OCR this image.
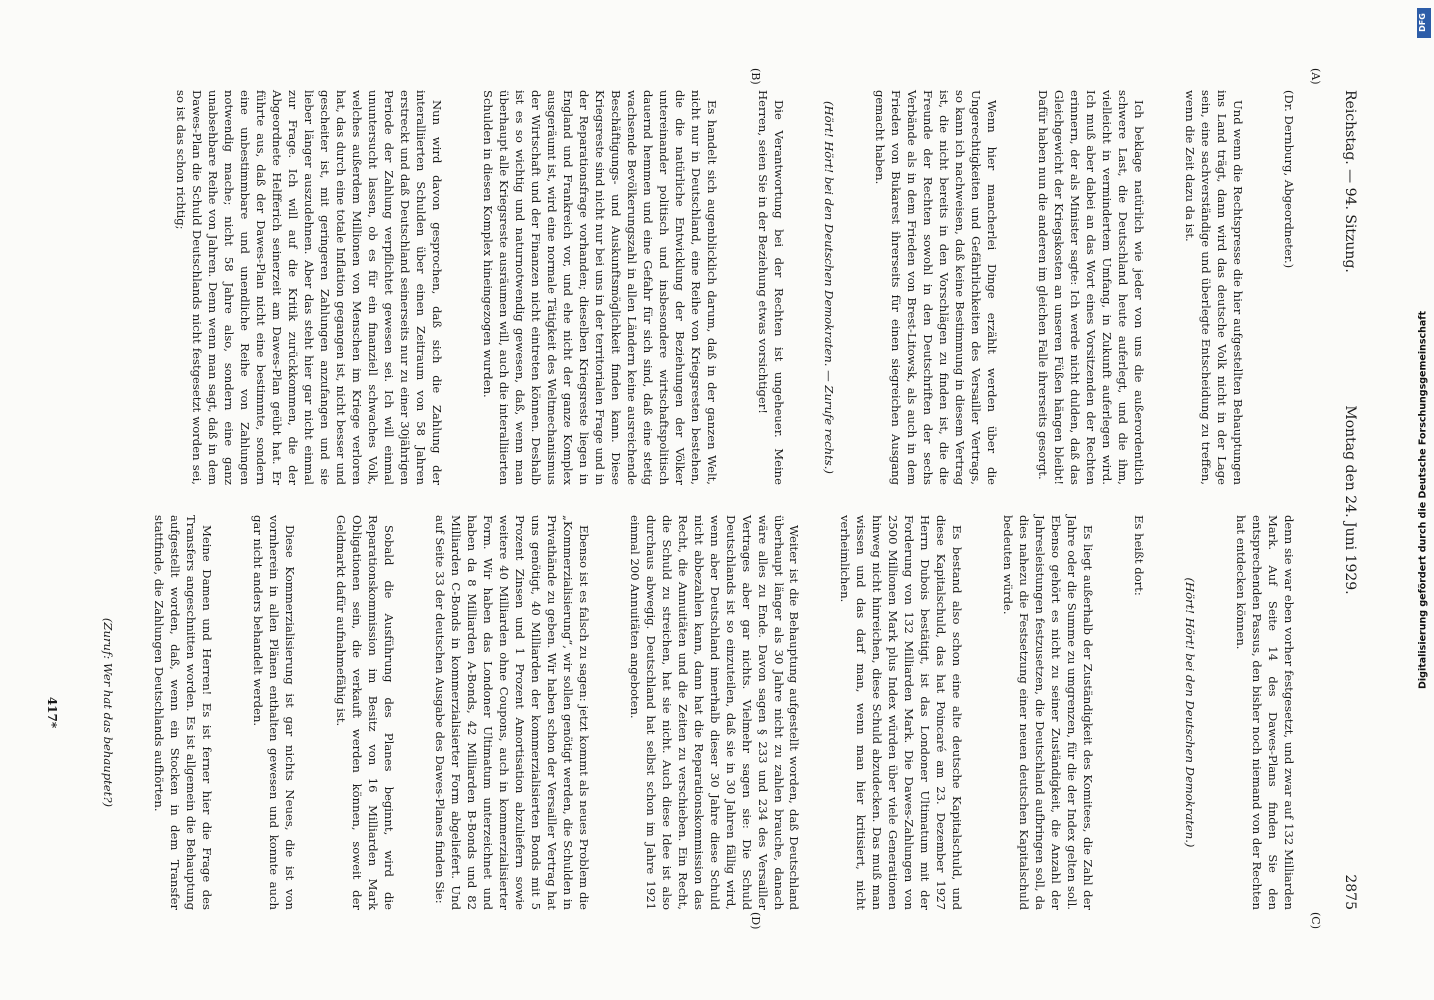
Reichstag. — 94. Sitzung.
Montag den 24. Juni 1929.
2875
(A)
(B)
(C)
(D)

(Dr. Dernburg, Abgeordneter.)

Und wenn die Rechtspresse die hier aufgestellten Behauptungen ins Land trägt, dann wird das deutsche Volk nicht in der Lage sein, eine sachverständige und überlegte Entscheidung zu treffen, wenn die Zeit dazu da ist.

Ich beklage natürlich wie jeder von uns die außerordentlich schwere Last, die Deutschland heute auferlegt, und die ihm, vielleicht in vermindertem Umfang, in Zukunft auferlegen wird. Ich muß aber dabei an das Wort eines Vorsitzenden der Rechten erinnern, der als Minister sagte: Ich werde nicht dulden, daß das Gleichgewicht der Kriegskosten an unseren Füßen hängen bleibt! Dafür haben nun die anderen im gleichen Falle ihrerseits gesorgt.

Wenn hier mancherlei Dinge erzählt werden über die Ungerechtigkeiten und Gefährlichkeiten des Versailler Vertrags, so kann ich nachweisen, daß keine Bestimmung in diesem Vertrag ist, die nicht bereits in den Vorschlägen zu finden ist, die die Freunde der Rechten sowohl in den Deutschriften der sechs Verbände als in dem Frieden von Brest-Litowsk, als auch in dem Frieden von Bukarest ihrerseits für einen siegreichen Ausgang gemacht haben.

(Hört! Hört! bei den Deutschen Demokraten. — Zurufe rechts.)

Die Verantwortung bei der Rechten ist ungeheuer. Meine Herren, seien Sie in der Beziehung etwas vorsichtiger!

Es handelt sich augenblicklich darum, daß in der ganzen Welt, nicht nur in Deutschland, eine Reihe von Kriegsresten bestehen, die die natürliche Entwicklung der Beziehungen der Völker untereinander politisch und insbesondere wirtschaftspolitisch dauernd hemmen und eine Gefahr für sich sind, daß eine stetig wachsende Bevölkerungszahl in allen Ländern keine ausreichende Beschäftigungs- und Auskunftsmöglichkeit finden kann. Diese Kriegsreste sind nicht nur bei uns in der territorialen Frage und in der Reparationsfrage vorhanden; dieselben Kriegsreste liegen in England und Frankreich vor, und ehe nicht der ganze Komplex ausgeräumt ist, wird eine normale Tätigkeit des Weltmechanismus der Wirtschaft und der Finanzen nicht eintreten können. Deshalb ist es so wichtig und naturnotwendig gewesen, daß, wenn man überhaupt alle Kriegsreste ausräumen will, auch die interalliierten Schulden in diesen Komplex hineingezogen wurden.

Nun wird davon gesprochen, daß sich die Zahlung der interalliierten Schulden über einen Zeitraum von 58 Jahren erstreckt und daß Deutschland seinerseits nur zu einer 30jährigen Periode der Zahlung verpflichtet gewesen sei. Ich will einmal ununtersucht lassen, ob es für ein finanziell schwaches Volk, welches außerdem Millionen von Menschen im Kriege verloren hat, das durch eine totale Inflation gegangen ist, nicht besser und gescheiter ist, mit geringeren Zahlungen anzufangen und sie lieber länger auszudehnen. Aber das steht hier gar nicht einmal zur Frage. Ich will auf die Kritik zurückkommen, die der Abgeordnete Helfferich seinerzeit am Dawes-Plan geübt hat. Er führte aus, daß der Dawes-Plan nicht eine bestimmte, sondern eine unbestimmbare und unendliche Reihe von Zahlungen notwendig mache; nicht 58 Jahre also, sondern eine ganz unabsehbare Reihe von Jahren. Denn wenn man sagt, daß in dem Dawes-Plan die Schuld Deutschlands nicht festgesetzt worden sei, so ist das schon richtig;

denn sie war eben vorher festgesetzt, und zwar auf 132 Milliarden Mark. Auf Seite 14 des Dawes-Plans finden Sie den entsprechenden Passus, den bisher noch niemand von der Rechten hat entdecken können.

(Hört! Hört! bei den Deutschen Demokraten.)

Es heißt dort:

Es liegt außerhalb der Zuständigkeit des Komitees, die Zahl der Jahre oder die Summe zu umgrenzen, für die der Index gelten soll. Ebenso gehört es nicht zu seiner Zuständigkeit, die Anzahl der Jahresleistungen festzusetzen, die Deutschland aufbringen soll, da dies nahezu die Festsetzung einer neuen deutschen Kapitalschuld bedeuten würde.

Es bestand also schon eine alte deutsche Kapitalschuld, und diese Kapitalschuld, das hat Poincaré am 23. Dezember 1927 Herrn Dubois bestätigt, ist das Londoner Ultimatum mit der Forderung von 132 Milliarden Mark. Die Dawes-Zahlungen von 2500 Millionen Mark plus Index würden über viele Generationen hinweg nicht hinreichen, diese Schuld abzudecken. Das muß man wissen und das darf man, wenn man hier kritisiert, nicht verheimlichen.

Weiter ist die Behauptung aufgestellt worden, daß Deutschland überhaupt länger als 30 Jahre nicht zu zahlen brauche, danach wäre alles zu Ende. Davon sagen § 233 und 234 des Versailler Vertrages aber gar nichts. Vielmehr sagen sie: Die Schuld Deutschlands ist so einzuteilen, daß sie in 30 Jahren fällig wird, wenn aber Deutschland innerhalb dieser 30 Jahre diese Schuld nicht abbezahlen kann, dann hat die Reparationskommission das Recht, die Annuitäten und die Zeiten zu verschieben. Ein Recht, die Schuld zu streichen, hat sie nicht. Auch diese Idee ist also durchaus abwegig. Deutschland hat selbst schon im Jahre 1921 einmal 200 Annuitäten angeboten.

Ebenso ist es falsch zu sagen: jetzt kommt als neues Problem die „Kommerzialisierung“, wir sollen genötigt werden, die Schulden in Privathände zu geben. Wir haben schon der Versailler Vertrag hat uns genötigt, 40 Milliarden der kommerzialisierten Bonds mit 5 Prozent Zinsen und 1 Prozent Amortisation abzuliefern sowie weitere 40 Milliarden ohne Coupons, auch in kommerzialisierter Form. Wir haben das Londoner Ultimatum unterzeichnet und haben da 8 Milliarden A-Bonds, 42 Milliarden B-Bonds und 82 Milliarden C-Bonds in kommerzialisierter Form abgeliefert. Und auf Seite 33 der deutschen Ausgabe des Dawes-Planes finden Sie:

Sobald die Ausführung des Planes beginnt, wird die Reparationskommission im Besitz von 16 Milliarden Mark Obligationen sein, die verkauft werden können, soweit der Geldmarkt dafür aufnahmefähig ist.

Diese Kommerzialisierung ist gar nichts Neues, die ist von vornherein in allen Plänen enthalten gewesen und konnte auch gar nicht anders behandelt werden.

Meine Damen und Herren! Es ist ferner hier die Frage des Transfers angeschnitten worden. Es ist allgemein die Behauptung aufgestellt worden, daß, wenn ein Stocken in dem Transfer stattfinde, die Zahlungen Deutschlands aufhörten.

(Zuruf: Wer hat das behauptet?)

417*

Digitalisierung gefördert durch die Deutsche Forschungsgemeinschaft
DFG
